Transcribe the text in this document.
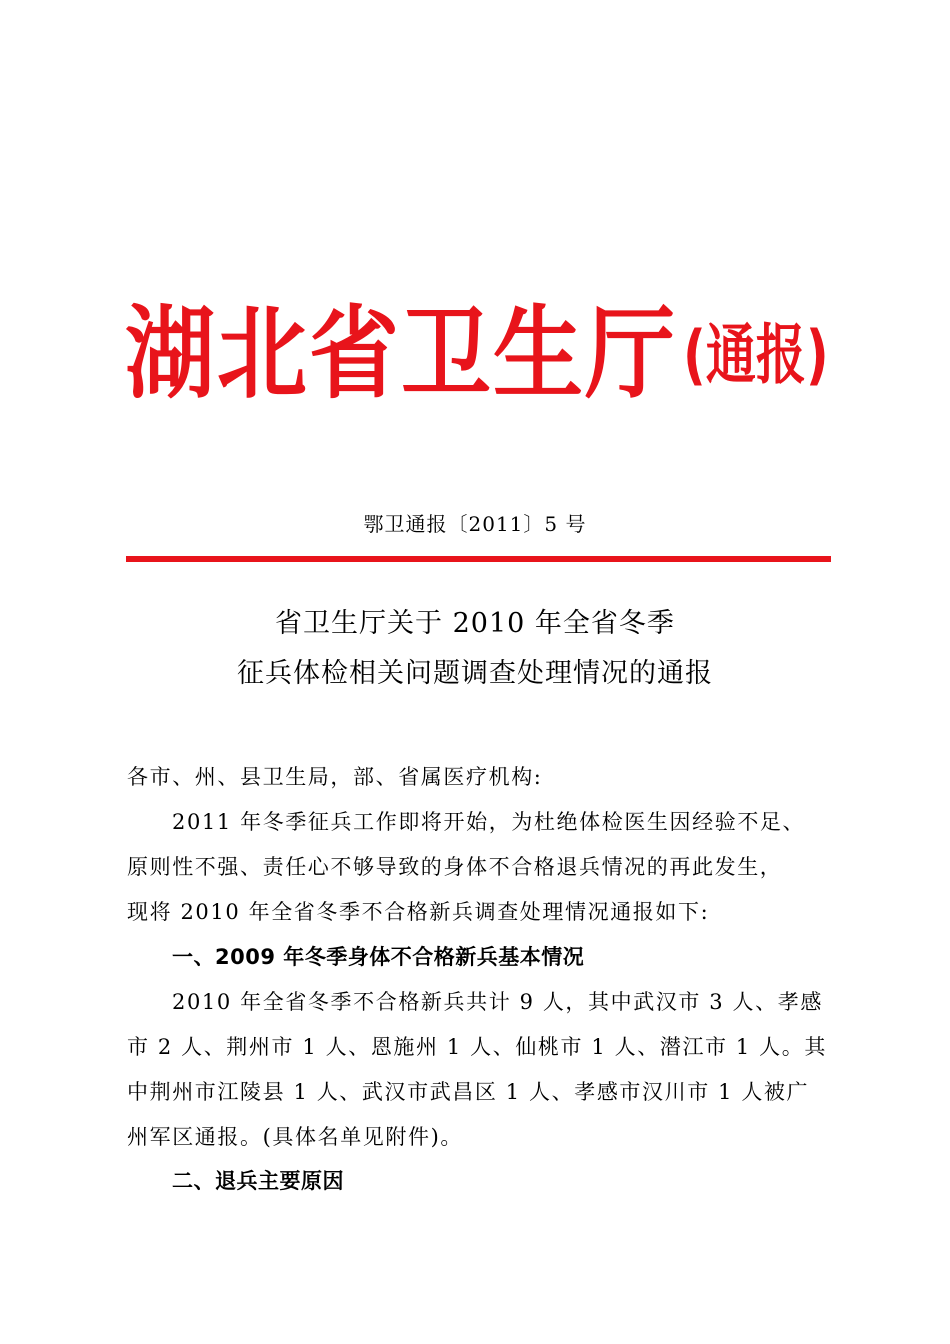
湖北省卫生厅 (通报)
鄂卫通报〔2011〕5 号
省卫生厅关于 2010 年全省冬季
征兵体检相关问题调查处理情况的通报
各市、州、县卫生局，部、省属医疗机构:
2011 年冬季征兵工作即将开始，为杜绝体检医生因经验不足、
原则性不强、责任心不够导致的身体不合格退兵情况的再此发生，
现将 2010 年全省冬季不合格新兵调查处理情况通报如下:
一、2009 年冬季身体不合格新兵基本情况
2010 年全省冬季不合格新兵共计 9 人，其中武汉市 3 人、孝感
市 2 人、荆州市 1 人、恩施州 1 人、仙桃市 1 人、潜江市 1 人。其
中荆州市江陵县 1 人、武汉市武昌区 1 人、孝感市汉川市 1 人被广
州军区通报。(具体名单见附件)。
二、退兵主要原因
